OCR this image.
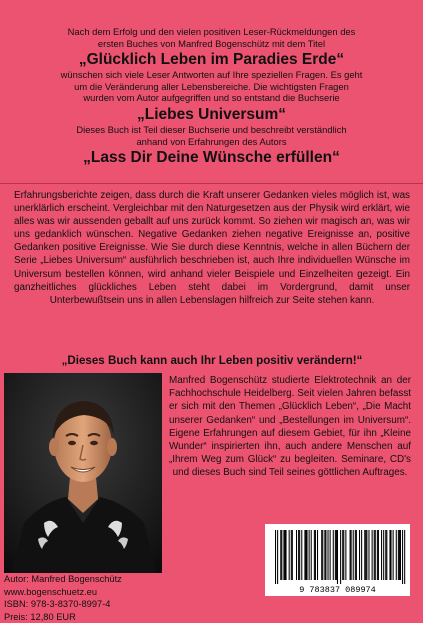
Nach dem Erfolg und den vielen positiven Leser-Rückmeldungen des
ersten Buches von Manfred Bogenschütz mit dem Titel
„Glücklich Leben im Paradies Erde“
wünschen sich viele Leser Antworten auf Ihre speziellen Fragen. Es geht
um die Veränderung aller Lebensbereiche. Die wichtigsten Fragen
wurden vom Autor aufgegriffen und so entstand die Buchserie
„Liebes Universum“
Dieses Buch ist Teil dieser Buchserie und beschreibt verständlich
anhand von Erfahrungen des Autors
„Lass Dir Deine Wünsche erfüllen“
Erfahrungsberichte zeigen, dass durch die Kraft unserer Gedanken vieles möglich ist, was unerklärlich erscheint. Vergleichbar mit den Naturgesetzen aus der Physik wird erklärt, wie alles was wir aussenden geballt auf uns zurück kommt. So ziehen wir magisch an, was wir uns gedanklich wünschen. Negative Gedanken ziehen negative Ereignisse an, positive Gedanken positive Ereignisse. Wie Sie durch diese Kenntnis, welche in allen Büchern der Serie „Liebes Universum“ ausführlich beschrieben ist, auch Ihre individuellen Wünsche im Universum bestellen können, wird anhand vieler Beispiele und Einzelheiten gezeigt. Ein ganzheitliches glückliches Leben steht dabei im Vordergrund, damit unser Unterbewußtsein uns in allen Lebenslagen hilfreich zur Seite stehen kann.
„Dieses Buch kann auch Ihr Leben positiv verändern!“
Manfred Bogenschütz studierte Elektrotechnik an der Fachhochschule Heidelberg. Seit vielen Jahren befasst er sich mit den Themen „Glücklich Leben“, „Die Macht unserer Gedanken“ und „Bestellungen im Universum“. Eigene Erfahrungen auf diesem Gebiet, für ihn „Kleine Wunder“ inspirierten ihn, auch andere Menschen auf „Ihrem Weg zum Glück“ zu begleiten. Seminare, CD's und dieses Buch sind Teil seines göttlichen Auftrages.
Autor: Manfred Bogenschütz
www.bogenschuetz.eu
ISBN: 978-3-8370-8997-4
Preis: 12,80 EUR
9 783837 089974
